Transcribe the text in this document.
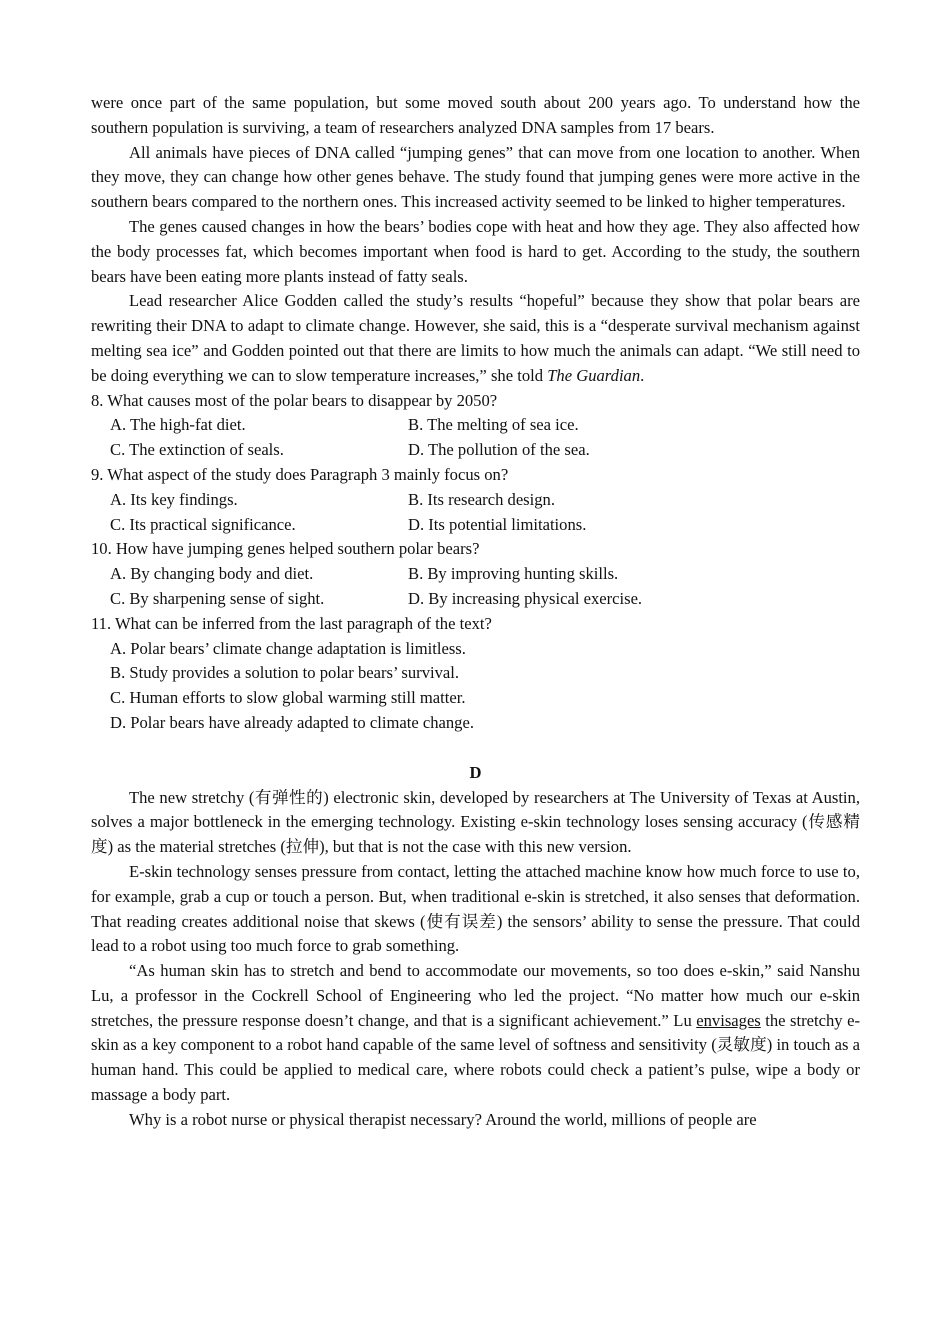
were once part of the same population, but some moved south about 200 years ago. To understand how the southern population is surviving, a team of researchers analyzed DNA samples from 17 bears.

All animals have pieces of DNA called “jumping genes” that can move from one location to another. When they move, they can change how other genes behave. The study found that jumping genes were more active in the southern bears compared to the northern ones. This increased activity seemed to be linked to higher temperatures.

The genes caused changes in how the bears’ bodies cope with heat and how they age. They also affected how the body processes fat, which becomes important when food is hard to get. According to the study, the southern bears have been eating more plants instead of fatty seals.

Lead researcher Alice Godden called the study’s results “hopeful” because they show that polar bears are rewriting their DNA to adapt to climate change. However, she said, this is a “desperate survival mechanism against melting sea ice” and Godden pointed out that there are limits to how much the animals can adapt. “We still need to be doing everything we can to slow temperature increases,” she told The Guardian.

8. What causes most of the polar bears to disappear by 2050?

A. The high-fat diet.	B. The melting of sea ice.
C. The extinction of seals.	D. The pollution of the sea.

9. What aspect of the study does Paragraph 3 mainly focus on?

A. Its key findings.	B. Its research design.
C. Its practical significance.	D. Its potential limitations.

10. How have jumping genes helped southern polar bears?

A. By changing body and diet.	B. By improving hunting skills.
C. By sharpening sense of sight.	D. By increasing physical exercise.

11. What can be inferred from the last paragraph of the text?

A. Polar bears’ climate change adaptation is limitless.

B. Study provides a solution to polar bears’ survival.

C. Human efforts to slow global warming still matter.

D. Polar bears have already adapted to climate change.

D

The new stretchy (有弹性的) electronic skin, developed by researchers at The University of Texas at Austin, solves a major bottleneck in the emerging technology. Existing e-skin technology loses sensing accuracy (传感精度) as the material stretches (拉伸), but that is not the case with this new version.

E-skin technology senses pressure from contact, letting the attached machine know how much force to use to, for example, grab a cup or touch a person. But, when traditional e-skin is stretched, it also senses that deformation. That reading creates additional noise that skews (使有误差) the sensors’ ability to sense the pressure. That could lead to a robot using too much force to grab something.

“As human skin has to stretch and bend to accommodate our movements, so too does e-skin,” said Nanshu Lu, a professor in the Cockrell School of Engineering who led the project. “No matter how much our e-skin stretches, the pressure response doesn’t change, and that is a significant achievement.” Lu envisages the stretchy e-skin as a key component to a robot hand capable of the same level of softness and sensitivity (灵敏度) in touch as a human hand. This could be applied to medical care, where robots could check a patient’s pulse, wipe a body or massage a body part.

Why is a robot nurse or physical therapist necessary? Around the world, millions of people are
